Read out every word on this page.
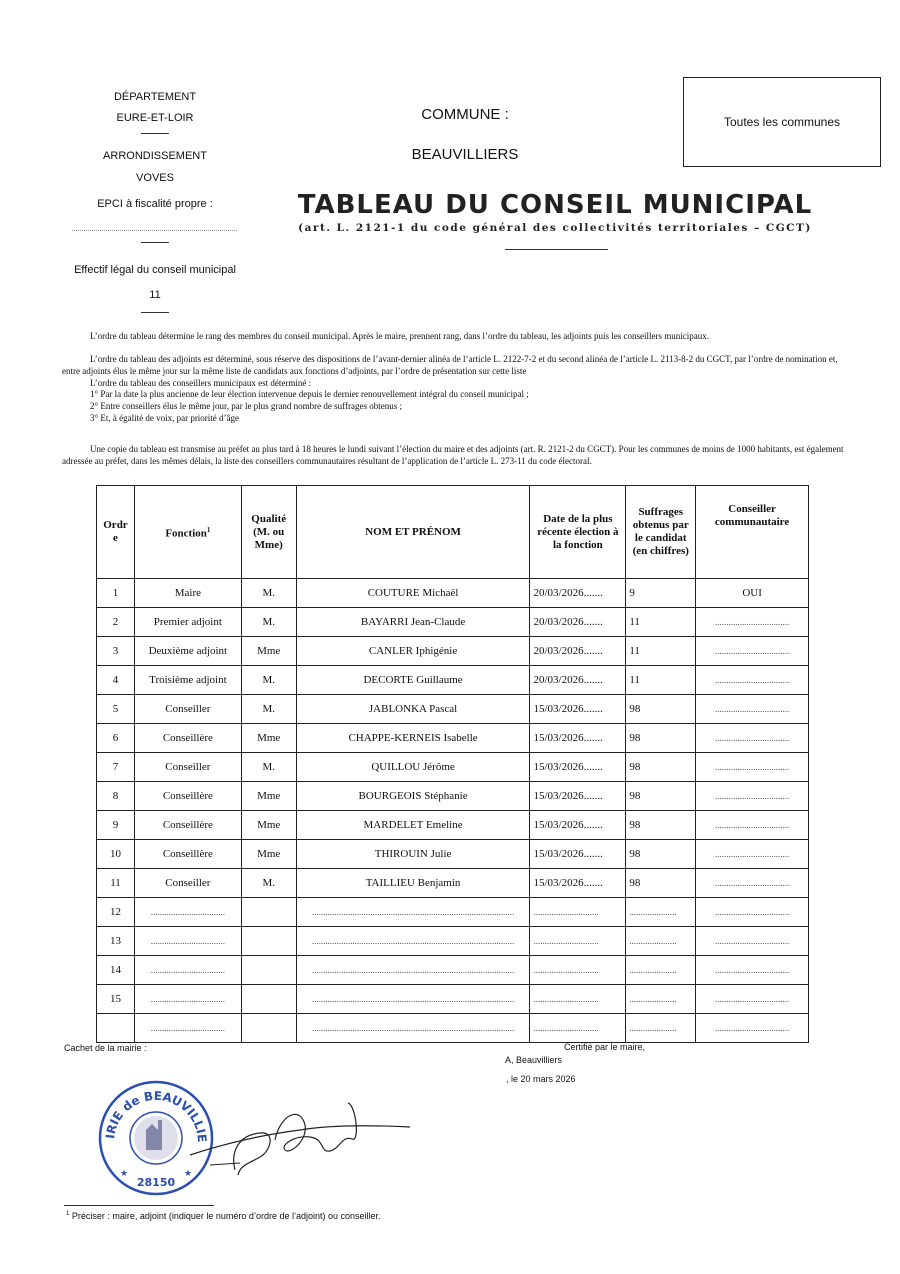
DÉPARTEMENT
EURE-ET-LOIR
ARRONDISSEMENT
VOVES
EPCI à fiscalité propre :
Effectif légal du conseil municipal
11
COMMUNE :
BEAUVILLIERS
Toutes les communes
TABLEAU DU CONSEIL MUNICIPAL
(art. L. 2121-1 du code général des collectivités territoriales – CGCT)
L’ordre du tableau détermine le rang des membres du conseil municipal. Après le maire, prennent rang, dans l’ordre du tableau, les adjoints puis les conseillers municipaux.
L’ordre du tableau des adjoints est déterminé, sous réserve des dispositions de l’avant-dernier alinéa de l’article L. 2122-7-2 et du second alinéa de l’article L. 2113-8-2 du CGCT, par l’ordre de nomination et, entre adjoints élus le même jour sur la même liste de candidats aux fonctions d’adjoints, par l’ordre de présentation sur cette liste
L’ordre du tableau des conseillers municipaux est déterminé :
1° Par la date la plus ancienne de leur élection intervenue depuis le dernier renouvellement intégral du conseil municipal ;
2° Entre conseillers élus le même jour, par le plus grand nombre de suffrages obtenus ;
3° Et, à égalité de voix, par priorité d’âge
Une copie du tableau est transmise au préfet au plus tard à 18 heures le lundi suivant l’élection du maire et des adjoints (art. R. 2121-2 du CGCT). Pour les communes de moins de 1000 habitants, est également adressée au préfet, dans les mêmes délais, la liste des conseillers communautaires résultant de l’application de l’article L. 273-11 du code électoral.
Ordre	Fonction$^1$	Qualité (M. ou Mme)	NOM ET PRÉNOM	Date de la plus récente élection à la fonction	Suffrages obtenus par le candidat (en chiffres)	Conseiller communautaire
1	Maire	M.	COUTURE Michaël	20/03/2026.......	9	OUI
2	Premier adjoint	M.	BAYARRI Jean-Claude	20/03/2026.......	11	.................................
3	Deuxième adjoint	Mme	CANLER Iphigénie	20/03/2026.......	11	.................................
4	Troisième adjoint	M.	DECORTE Guillaume	20/03/2026.......	11	.................................
5	Conseiller	M.	JABLONKA Pascal	15/03/2026.......	98	.................................
6	Conseillère	Mme	CHAPPE-KERNEIS Isabelle	15/03/2026.......	98	.................................
7	Conseiller	M.	QUILLOU Jérôme	15/03/2026.......	98	.................................
8	Conseillère	Mme	BOURGEOIS Stéphanie	15/03/2026.......	98	.................................
9	Conseillère	Mme	MARDELET Emeline	15/03/2026.......	98	.................................
10	Conseillère	Mme	THIROUIN Julie	15/03/2026.......	98	.................................
11	Conseiller	M.	TAILLIEU Benjamin	15/03/2026.......	98	.................................
12	.................................		..........................................................................................	.............................	.....................	.................................
13	.................................		..........................................................................................	.............................	.....................	.................................
14	.................................		..........................................................................................	.............................	.....................	.................................
15	.................................		..........................................................................................	.............................	.....................	.................................
	.................................		..........................................................................................	.............................	.....................	.................................
Cachet de la mairie :	Certifié par le maire,
A, Beauvilliers
, le 20 mars 2026
IRIE de BEAUVILLIE
28150
★	★
$^1$ Préciser : maire, adjoint (indiquer le numéro d’ordre de l’adjoint) ou conseiller.
